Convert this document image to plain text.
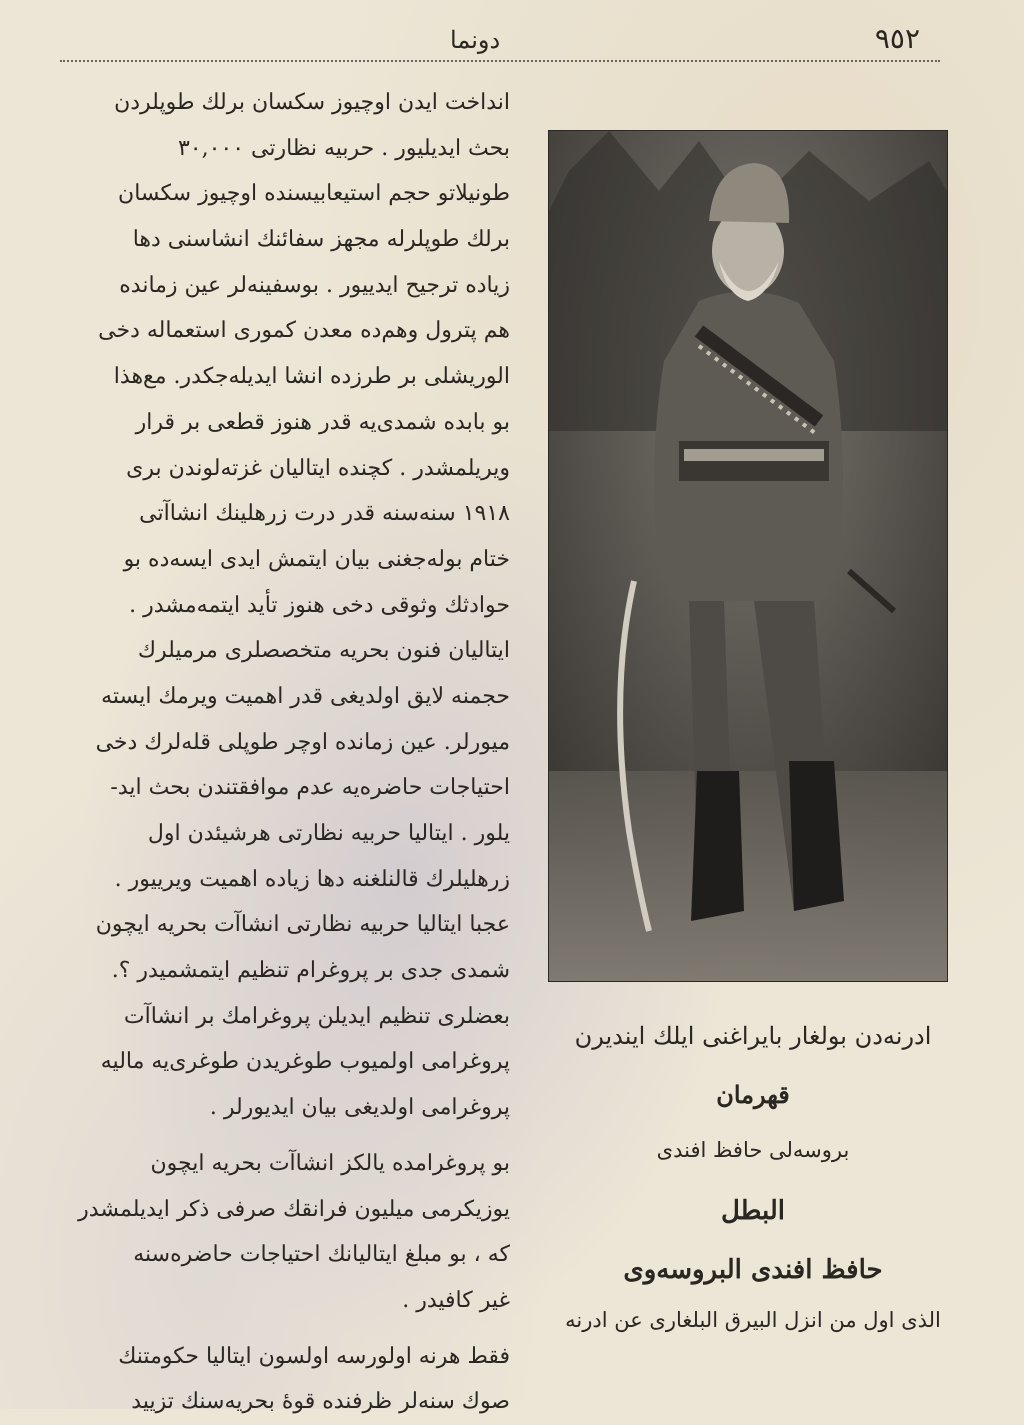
دونما	٩٥٢
انداخت ایدن اوچیوز سکسان برلك طوپلردن
بحث ایدیلیور . حربیه نظارتی ٣٠,٠٠٠
طونیلاتو حجم استیعابیسنده اوچیوز سکسان
برلك طوپلرله مجهز سفائنك انشاسنی دها
زیاده ترجیح ایدییور . بوسفینه‌لر عین زمانده
هم پترول وهم‌ده معدن کموری استعماله دخی
الوریشلی بر طرزده انشا ایدیله‌جکدر. مع‌هذا
بو بابده شمدی‌یه قدر هنوز قطعی بر قرار
ویریلمشدر . کچنده ایتالیان غزته‌لوندن بری
١٩١٨ سنه‌سنه قدر درت زرهلینك انشاآتی
ختام بوله‌جغنی بیان ایتمش ایدی ایسه‌ده بو
حوادثك وثوقی دخی هنوز تأید ایتمه‌مشدر .
ایتالیان فنون بحریه متخصصلری مرمیلرك
حجمنه لایق اولدیغی قدر اهمیت ویرمك ایسته‌
میورلر. عین زمانده اوچر طوپلی قله‌لرك دخی
احتیاجات حاضره‌یه عدم موافقتندن بحث اید-
یلور . ایتالیا حربیه نظارتی هرشیئدن اول
زرهلیلرك قالنلغنه دها زیاده اهمیت ویرییور .
عجبا ایتالیا حربیه نظارتی انشاآت بحریه ایچون
شمدی جدی بر پروغرام تنظیم ایتمشمیدر ؟.
بعضلری تنظیم ایدیلن پروغرامك بر انشاآت
پروغرامی اولمیوب طوغریدن طوغری‌یه مالیه
پروغرامی اولدیغی بیان ایدیورلر .
بو پروغرامده یالکز انشاآت بحریه ایچون
یوزیکرمی میلیون فرانقك صرفی ذکر ایدیلمشدر
که ، بو مبلغ ایتالیانك احتیاجات حاضره‌سنه
غیر کافیدر .
فقط هرنه اولورسه اولسون ایتالیا حکومتنك
صوك سنه‌لر ظرفنده قوهٔ بحریه‌سنك تزیید
ادرنه‌دن بولغار بایراغنی ایلك ایندیرن
قهرمان
بروسه‌لی حافظ افندی
البطل
حافظ افندی البروسه‌وی
الذی اول من انزل البیرق البلغاری عن ادرنه
